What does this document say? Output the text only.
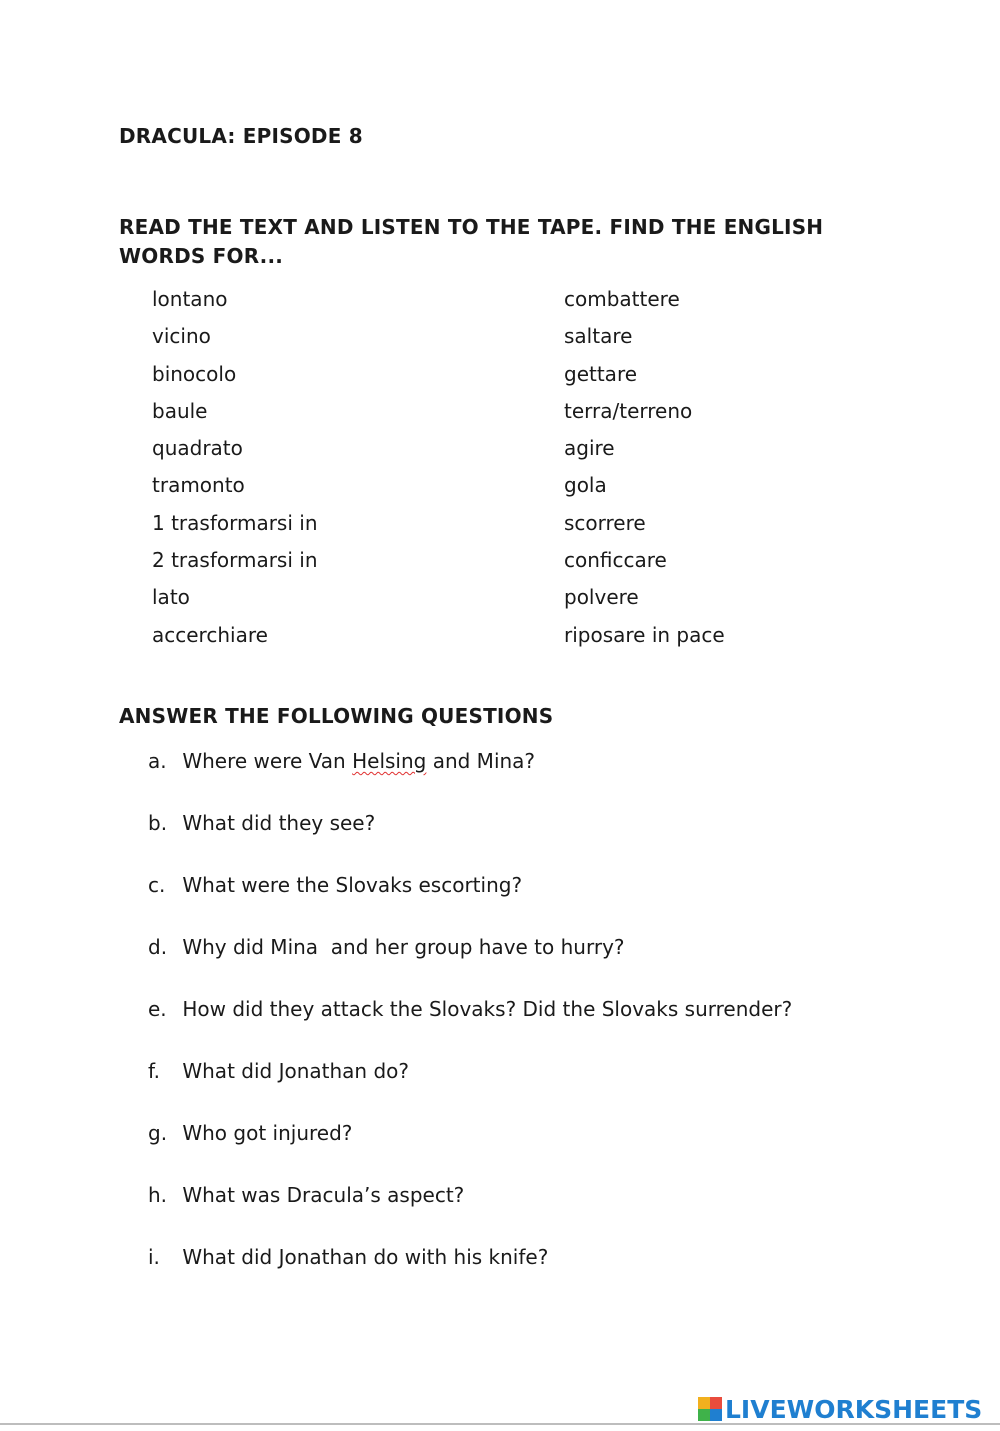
DRACULA: EPISODE 8
READ THE TEXT AND LISTEN TO THE TAPE. FIND THE ENGLISH WORDS FOR...
lontano
vicino
binocolo
baule
quadrato
tramonto
1 trasformarsi in
2 trasformarsi in
lato
accerchiare
combattere
saltare
gettare
terra/terreno
agire
gola
scorrere
conficcare
polvere
riposare in pace
ANSWER THE FOLLOWING QUESTIONS
a. Where were Van Helsing and Mina?
b. What did they see?
c. What were the Slovaks escorting?
d. Why did Mina  and her group have to hurry?
e. How did they attack the Slovaks? Did the Slovaks surrender?
f. What did Jonathan do?
g. Who got injured?
h. What was Dracula’s aspect?
i. What did Jonathan do with his knife?
LIVEWORKSHEETS
